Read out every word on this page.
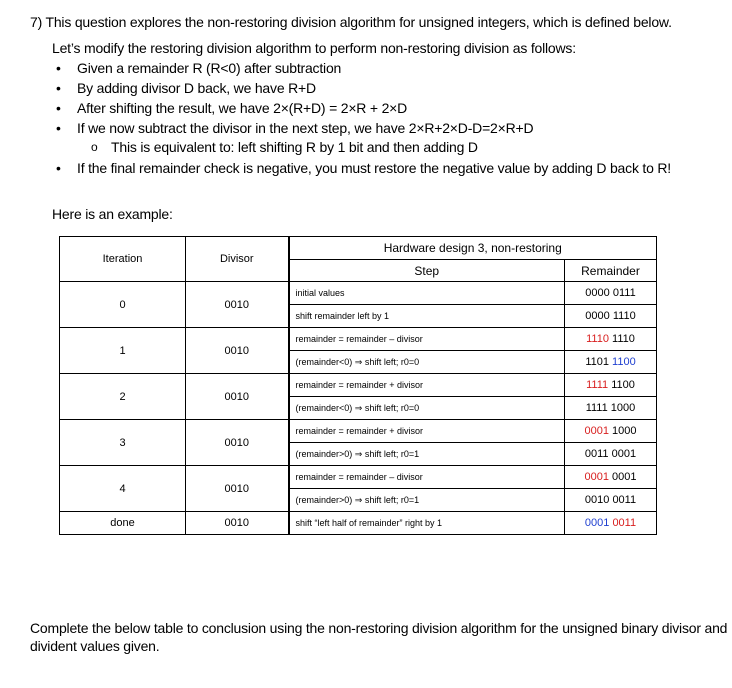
7) This question explores the non-restoring division algorithm for unsigned integers, which is defined below.
Let’s modify the restoring division algorithm to perform non-restoring division as follows:
• Given a remainder R (R<0) after subtraction
• By adding divisor D back, we have R+D
• After shifting the result, we have 2×(R+D) = 2×R + 2×D
• If we now subtract the divisor in the next step, we have 2×R+2×D-D=2×R+D
o This is equivalent to: left shifting R by 1 bit and then adding D
• If the final remainder check is negative, you must restore the negative value by adding D back to R!
Here is an example:
Iteration	Divisor	Hardware design 3, non-restoring	
		Step	Remainder
0	0010	initial values	0000 0111
		shift remainder left by 1	0000 1110
1	0010	remainder = remainder – divisor	1110 1110
		(remainder<0) ⇒ shift left; r0=0	1101 1100
2	0010	remainder = remainder + divisor	1111 1100
		(remainder<0) ⇒ shift left; r0=0	1111 1000
3	0010	remainder = remainder + divisor	0001 1000
		(remainder>0) ⇒ shift left; r0=1	0011 0001
4	0010	remainder = remainder – divisor	0001 0001
		(remainder>0) ⇒ shift left; r0=1	0010 0011
done	0010	shift “left half of remainder” right by 1	0001 0011
Complete the below table to conclusion using the non-restoring division algorithm for the unsigned binary divisor and
divident values given.
